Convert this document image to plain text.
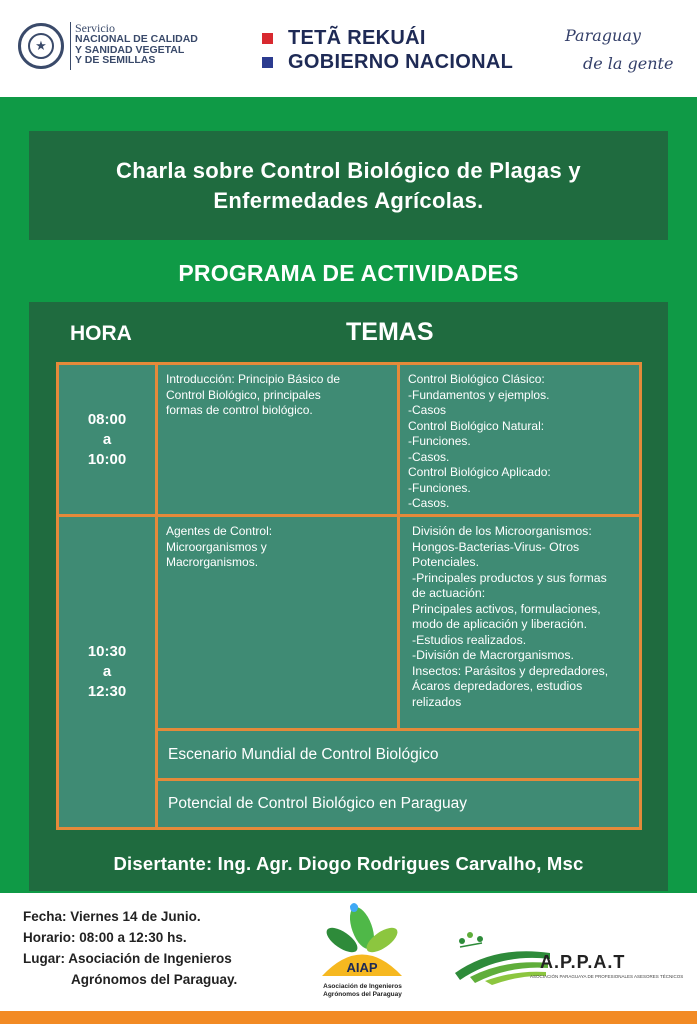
★
Servicio
NACIONAL DE CALIDAD
Y SANIDAD VEGETAL
Y DE SEMILLAS
TETÃ REKUÁI
GOBIERNO NACIONAL
Paraguay
de la gente
Charla sobre Control Biológico de Plagas y Enfermedades Agrícolas.
PROGRAMA DE ACTIVIDADES
HORA	TEMAS
08:00
a
10:00
Introducción: Principio Básico de
Control Biológico, principales
formas de control biológico.
Control Biológico Clásico:
-Fundamentos y ejemplos.
-Casos
Control Biológico Natural:
-Funciones.
-Casos.
Control Biológico Aplicado:
-Funciones.
-Casos.
10:30
a
12:30
Agentes de Control:
Microorganismos y
Macrorganismos.
División de los Microorganismos:
Hongos-Bacterias-Virus- Otros
Potenciales.
-Principales productos y sus formas
de actuación:
Principales activos, formulaciones,
modo de aplicación y liberación.
-Estudios realizados.
-División de Macrorganismos.
Insectos: Parásitos y depredadores,
Ácaros depredadores, estudios
relizados
Escenario Mundial de Control Biológico
Potencial de Control Biológico en Paraguay
Disertante: Ing. Agr. Diogo Rodrigues Carvalho, Msc
Fecha: Viernes 14 de Junio.
Horario: 08:00 a 12:30 hs.
Lugar: Asociación de Ingenieros
Agrónomos del Paraguay.
AIAP
Asociación de Ingenieros
Agrónomos del Paraguay
A.P.P.A.T
ASOCIACIÓN PARAGUAYA DE PROFESIONALES ASESORES TÉCNICOS
